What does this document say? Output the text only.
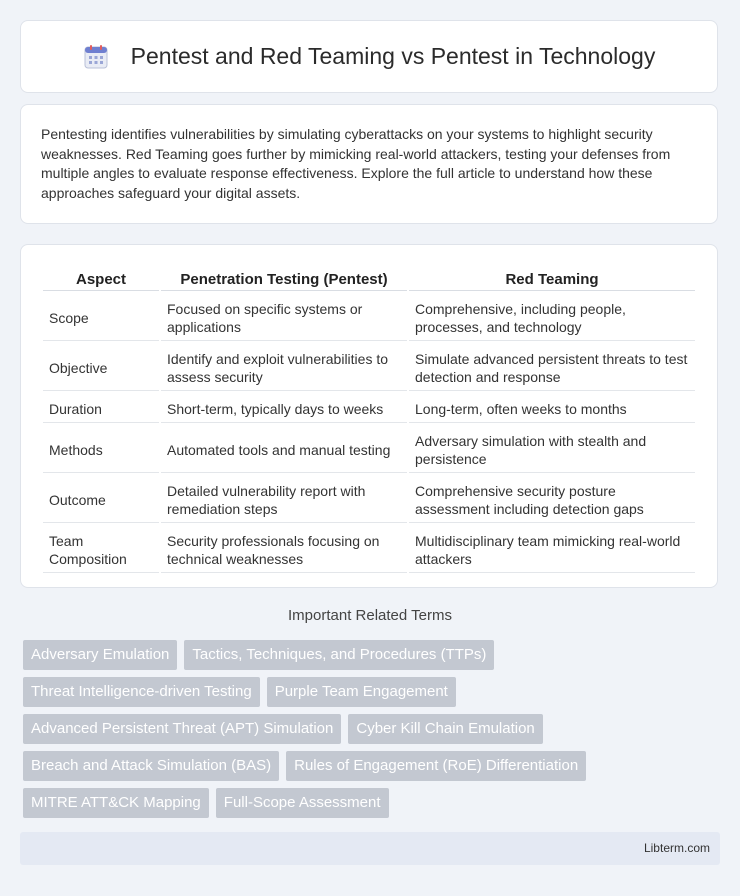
Pentest and Red Teaming vs Pentest in Technology

Pentesting identifies vulnerabilities by simulating cyberattacks on your systems to highlight security weaknesses. Red Teaming goes further by mimicking real-world attackers, testing your defenses from multiple angles to evaluate response effectiveness. Explore the full article to understand how these approaches safeguard your digital assets.

Aspect	Penetration Testing (Pentest)	Red Teaming
Scope	Focused on specific systems or applications	Comprehensive, including people, processes, and technology
Objective	Identify and exploit vulnerabilities to assess security	Simulate advanced persistent threats to test detection and response
Duration	Short-term, typically days to weeks	Long-term, often weeks to months
Methods	Automated tools and manual testing	Adversary simulation with stealth and persistence
Outcome	Detailed vulnerability report with remediation steps	Comprehensive security posture assessment including detection gaps
Team Composition	Security professionals focusing on technical weaknesses	Multidisciplinary team mimicking real-world attackers
Important Related Terms
Adversary Emulation	Tactics, Techniques, and Procedures (TTPs)
Threat Intelligence-driven Testing	Purple Team Engagement
Advanced Persistent Threat (APT) Simulation	Cyber Kill Chain Emulation
Breach and Attack Simulation (BAS)	Rules of Engagement (RoE) Differentiation
MITRE ATT&CK Mapping	Full-Scope Assessment
Libterm.com
